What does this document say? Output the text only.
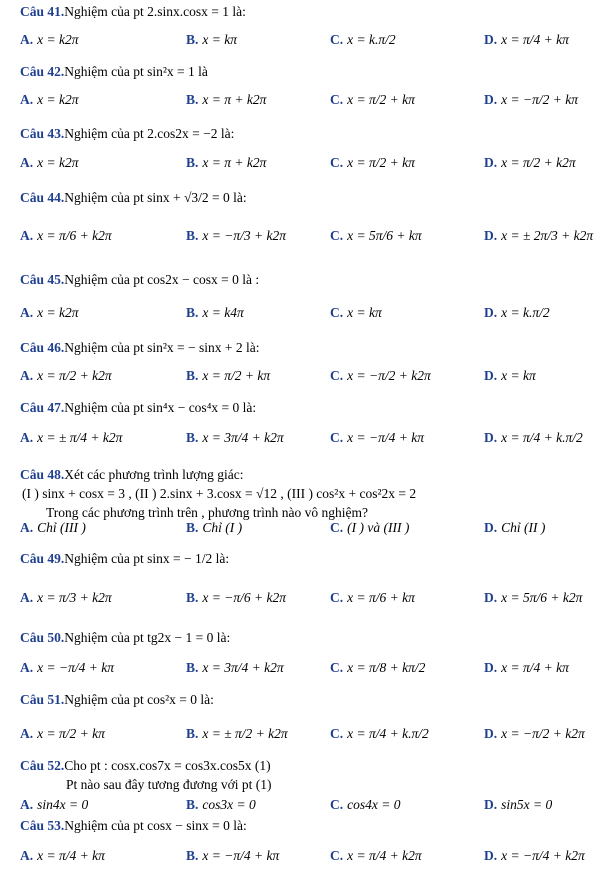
Câu 41.Nghiệm của pt 2.sinx.cosx = 1 là:
A. x = k2π	B. x = kπ	C. x = k.π/2	D. x = π/4 + kπ
Câu 42.Nghiệm của pt sin²x = 1 là
A. x = k2π	B. x = π + k2π	C. x = π/2 + kπ	D. x = −π/2 + kπ
Câu 43.Nghiệm của pt 2.cos2x = −2 là:
A. x = k2π	B. x = π + k2π	C. x = π/2 + kπ	D. x = π/2 + k2π
Câu 44.Nghiệm của pt sinx + √3/2 = 0 là:
A. x = π/6 + k2π	B. x = −π/3 + k2π	C. x = 5π/6 + kπ	D. x = ± 2π/3 + k2π
Câu 45.Nghiệm của pt cos2x − cosx = 0 là :
A. x = k2π	B. x = k4π	C. x = kπ	D. x = k.π/2
Câu 46.Nghiệm của pt sin²x = − sinx + 2 là:
A. x = π/2 + k2π	B. x = π/2 + kπ	C. x = −π/2 + k2π	D. x = kπ
Câu 47.Nghiệm của pt sin⁴x − cos⁴x = 0 là:
A. x = ± π/4 + k2π	B. x = 3π/4 + k2π	C. x = −π/4 + kπ	D. x = π/4 + k.π/2
Câu 48.Xét các phương trình lượng giác:
(I ) sinx + cosx = 3 , (II ) 2.sinx + 3.cosx = √12 , (III ) cos²x + cos²2x = 2
Trong các phương trình trên , phương trình nào vô nghiệm?
A. Chỉ (III )	B. Chỉ (I )	C. (I ) và (III )	D. Chỉ (II )
Câu 49.Nghiệm của pt sinx = − 1/2 là:
A. x = π/3 + k2π	B. x = −π/6 + k2π	C. x = π/6 + kπ	D. x = 5π/6 + k2π
Câu 50.Nghiệm của pt tg2x − 1 = 0 là:
A. x = −π/4 + kπ	B. x = 3π/4 + k2π	C. x = π/8 + kπ/2	D. x = π/4 + kπ
Câu 51.Nghiệm của pt cos²x = 0 là:
A. x = π/2 + kπ	B. x = ± π/2 + k2π	C. x = π/4 + k.π/2	D. x = −π/2 + k2π
Câu 52.Cho pt : cosx.cos7x = cos3x.cos5x (1)
Pt nào sau đây tương đương với pt (1)
A. sin4x = 0	B. cos3x = 0	C. cos4x = 0	D. sin5x = 0
Câu 53.Nghiệm của pt cosx − sinx = 0 là:
A. x = π/4 + kπ	B. x = −π/4 + kπ	C. x = π/4 + k2π	D. x = −π/4 + k2π
